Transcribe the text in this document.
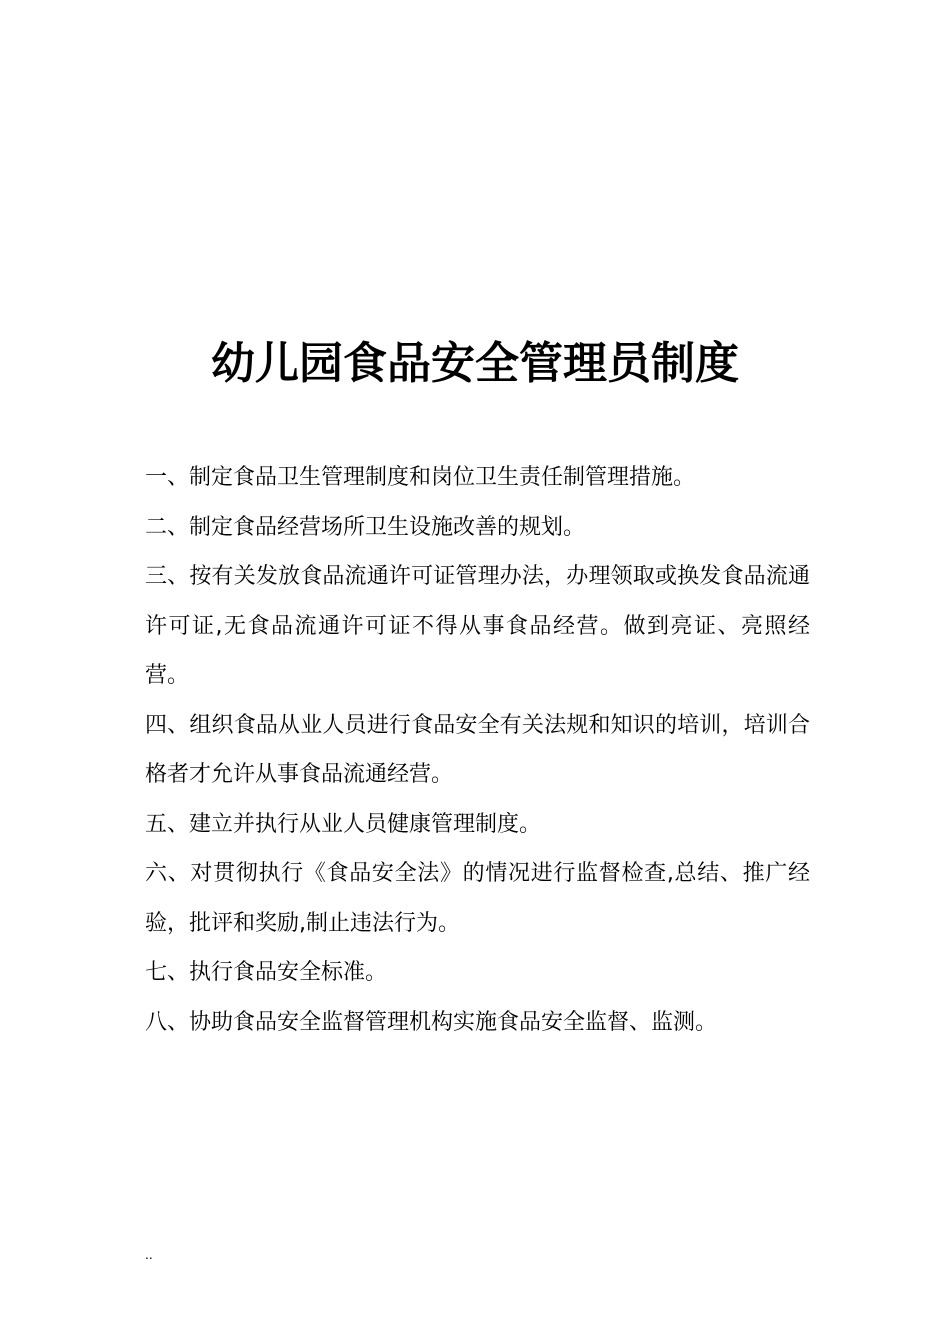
幼儿园食品安全管理员制度

一、制定食品卫生管理制度和岗位卫生责任制管理措施。

二、制定食品经营场所卫生设施改善的规划。

三、按有关发放食品流通许可证管理办法，办理领取或换发食品流通许可证,无食品流通许可证不得从事食品经营。做到亮证、亮照经营。

四、组织食品从业人员进行食品安全有关法规和知识的培训，培训合格者才允许从事食品流通经营。

五、建立并执行从业人员健康管理制度。

六、对贯彻执行《食品安全法》的情况进行监督检查,总结、推广经验，批评和奖励,制止违法行为。

七、执行食品安全标准。

八、协助食品安全监督管理机构实施食品安全监督、监测。

..
